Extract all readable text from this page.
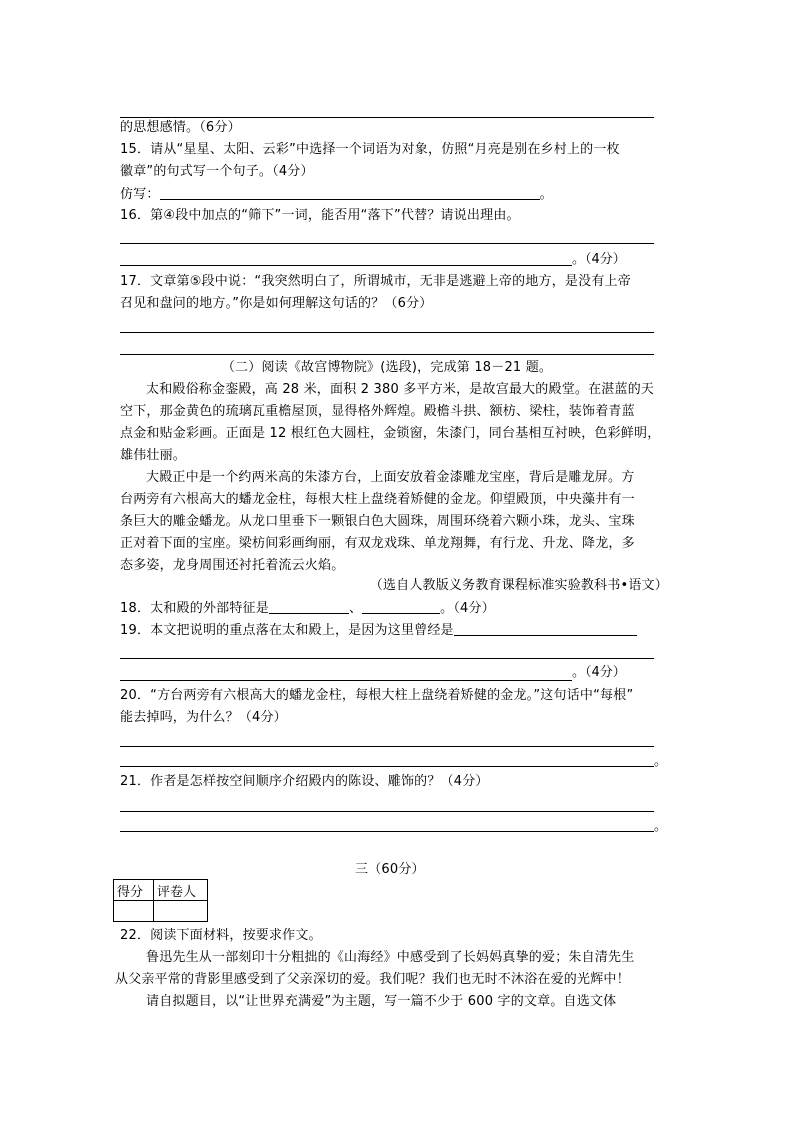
的思想感情。（6分）
15．请从“星星、太阳、云彩”中选择一个词语为对象，仿照“月亮是别在乡村上的一枚
徽章”的句式写一个句子。（4分）
仿写：	。
16．第④段中加点的“筛下”一词，能否用“落下”代替？请说出理由。
。（4分）
17．文章第⑤段中说：“我突然明白了，所谓城市，无非是逃避上帝的地方，是没有上帝
召见和盘问的地方。”你是如何理解这句话的？（6分）
（二）阅读《故宫博物院》(选段)，完成第 18－21 题。
太和殿俗称金銮殿，高 28 米，面积 2 380 多平方米，是故宫最大的殿堂。在湛蓝的天
空下，那金黄色的琉璃瓦重檐屋顶，显得格外辉煌。殿檐斗拱、额枋、梁柱，装饰着青蓝
点金和贴金彩画。正面是 12 根红色大圆柱，金锁窗，朱漆门，同台基相互衬映，色彩鲜明，
雄伟壮丽。
大殿正中是一个约两米高的朱漆方台，上面安放着金漆雕龙宝座，背后是雕龙屏。方
台两旁有六根高大的蟠龙金柱，每根大柱上盘绕着矫健的金龙。仰望殿顶，中央藻井有一
条巨大的雕金蟠龙。从龙口里垂下一颗银白色大圆珠，周围环绕着六颗小珠，龙头、宝珠
正对着下面的宝座。梁枋间彩画绚丽，有双龙戏珠、单龙翔舞，有行龙、升龙、降龙，多
态多姿，龙身周围还衬托着流云火焰。
（选自人教版义务教育课程标准实验教科书•语文）
18．太和殿的外部特征是	、	。（4分）
19．本文把说明的重点落在太和殿上，是因为这里曾经是
。（4分）
20．“方台两旁有六根高大的蟠龙金柱，每根大柱上盘绕着矫健的金龙。”这句话中“每根”
能去掉吗，为什么？（4分）
。
21．作者是怎样按空间顺序介绍殿内的陈设、雕饰的？（4分）
。
三（60分）
得分	评卷人

22．阅读下面材料，按要求作文。
鲁迅先生从一部刻印十分粗拙的《山海经》中感受到了长妈妈真挚的爱；朱自清先生
从父亲平常的背影里感受到了父亲深切的爱。我们呢？我们也无时不沐浴在爱的光辉中！
请自拟题目，以“让世界充满爱”为主题，写一篇不少于 600 字的文章。自选文体
